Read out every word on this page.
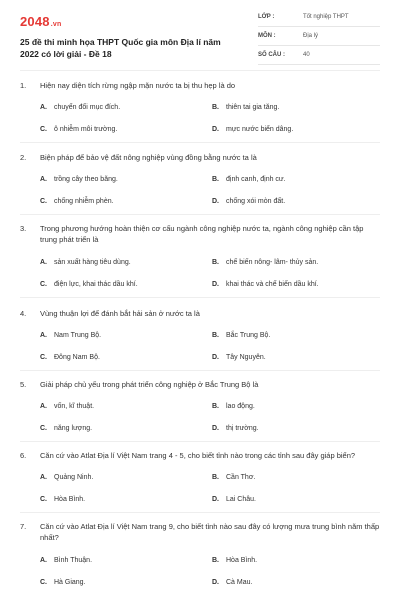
2048.vn
25 đề thi minh họa THPT Quốc gia môn Địa lí năm 2022 có lời giải - Đề 18
LỚP :	Tốt nghiệp THPT
MÔN :	Địa lý
SỐ CÂU :	40
1. Hiện nay diện tích rừng ngập mặn nước ta bị thu hẹp là do
A. chuyển đổi mục đích.	B. thiên tai gia tăng.
C. ô nhiễm môi trường.	D. mực nước biển dâng.
2. Biện pháp để bảo vệ đất nông nghiệp vùng đồng bằng nước ta là
A. trồng cây theo băng.	B. định canh, định cư.
C. chống nhiễm phèn.	D. chống xói mòn đất.
3. Trong phương hướng hoàn thiện cơ cấu ngành công nghiệp nước ta, ngành công nghiệp cần tập trung phát triển là
A. sản xuất hàng tiêu dùng.	B. chế biến nông- lâm- thủy sản.
C. điện lực, khai thác dầu khí.	D. khai thác và chế biến dầu khí.
4. Vùng thuận lợi để đánh bắt hải sản ở nước ta là
A. Nam Trung Bộ.	B. Bắc Trung Bộ.
C. Đông Nam Bộ.	D. Tây Nguyên.
5. Giải pháp chủ yếu trong phát triển công nghiệp ở Bắc Trung Bộ là
A. vốn, kĩ thuật.	B. lao động.
C. năng lượng.	D. thị trường.
6. Căn cứ vào Atlat Địa lí Việt Nam trang 4 - 5, cho biết tỉnh nào trong các tỉnh sau đây giáp biển?
A. Quảng Ninh.	B. Cần Thơ.
C. Hòa Bình.	D. Lai Châu.
7. Căn cứ vào Atlat Địa lí Việt Nam trang 9, cho biết tỉnh nào sau đây có lượng mưa trung bình năm thấp nhất?
A. Bình Thuận.	B. Hòa Bình.
C. Hà Giang.	D. Cà Mau.
